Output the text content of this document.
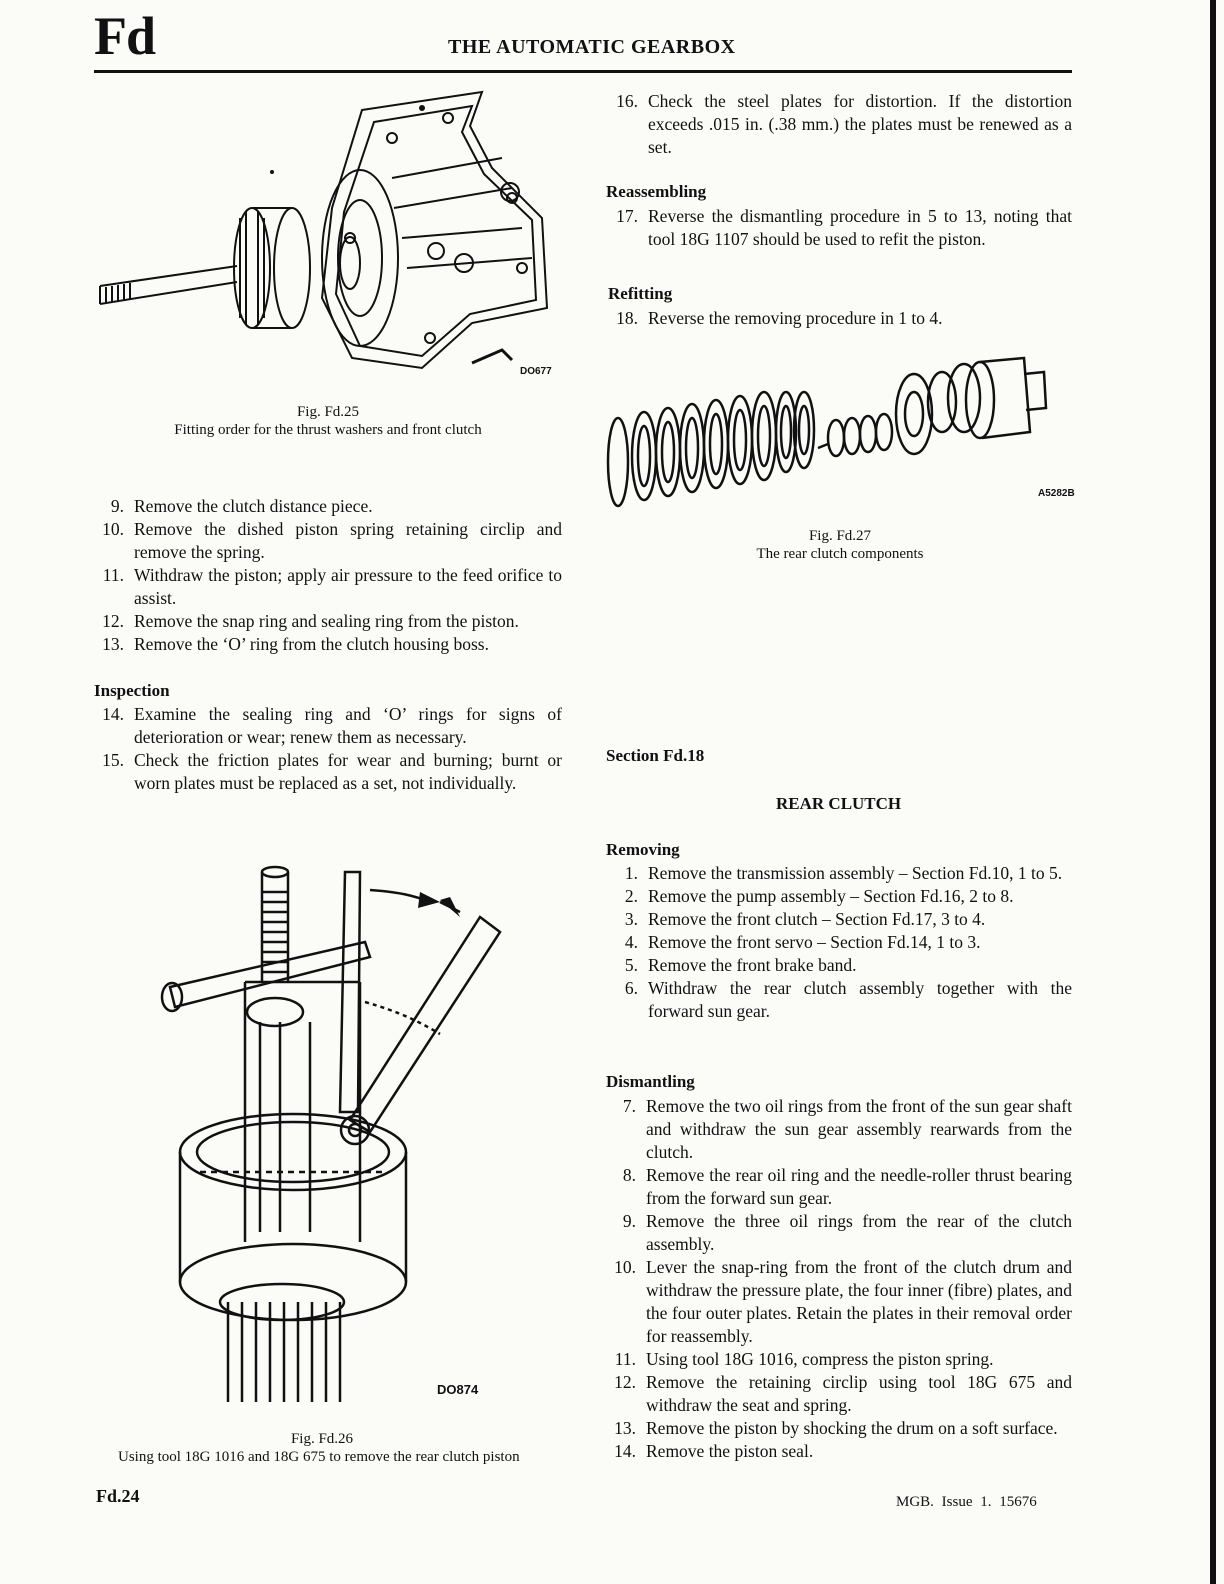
Fd	THE AUTOMATIC GEARBOX
DO677
Fig. Fd.25
Fitting order for the thrust washers and front clutch
9. Remove the clutch distance piece.
10. Remove the dished piston spring retaining circlip and remove the spring.
11. Withdraw the piston; apply air pressure to the feed orifice to assist.
12. Remove the snap ring and sealing ring from the piston.
13. Remove the ‘O’ ring from the clutch housing boss.
Inspection
14. Examine the sealing ring and ‘O’ rings for signs of deterioration or wear; renew them as necessary.
15. Check the friction plates for wear and burning; burnt or worn plates must be replaced as a set, not individually.
DO874
Fig. Fd.26
Using tool 18G 1016 and 18G 675 to remove the rear clutch piston
16. Check the steel plates for distortion. If the distortion exceeds .015 in. (.38 mm.) the plates must be renewed as a set.
Reassembling
17. Reverse the dismantling procedure in 5 to 13, noting that tool 18G 1107 should be used to refit the piston.
Refitting
18. Reverse the removing procedure in 1 to 4.
A5282B
Fig. Fd.27
The rear clutch components
Section Fd.18
REAR CLUTCH
Removing
1. Remove the transmission assembly – Section Fd.10, 1 to 5.
2. Remove the pump assembly – Section Fd.16, 2 to 8.
3. Remove the front clutch – Section Fd.17, 3 to 4.
4. Remove the front servo – Section Fd.14, 1 to 3.
5. Remove the front brake band.
6. Withdraw the rear clutch assembly together with the forward sun gear.
Dismantling
7. Remove the two oil rings from the front of the sun gear shaft and withdraw the sun gear assembly rearwards from the clutch.
8. Remove the rear oil ring and the needle-roller thrust bearing from the forward sun gear.
9. Remove the three oil rings from the rear of the clutch assembly.
10. Lever the snap-ring from the front of the clutch drum and withdraw the pressure plate, the four inner (fibre) plates, and the four outer plates. Retain the plates in their removal order for reassembly.
11. Using tool 18G 1016, compress the piston spring.
12. Remove the retaining circlip using tool 18G 675 and withdraw the seat and spring.
13. Remove the piston by shocking the drum on a soft surface.
14. Remove the piston seal.
Fd.24	MGB. Issue 1. 15676
